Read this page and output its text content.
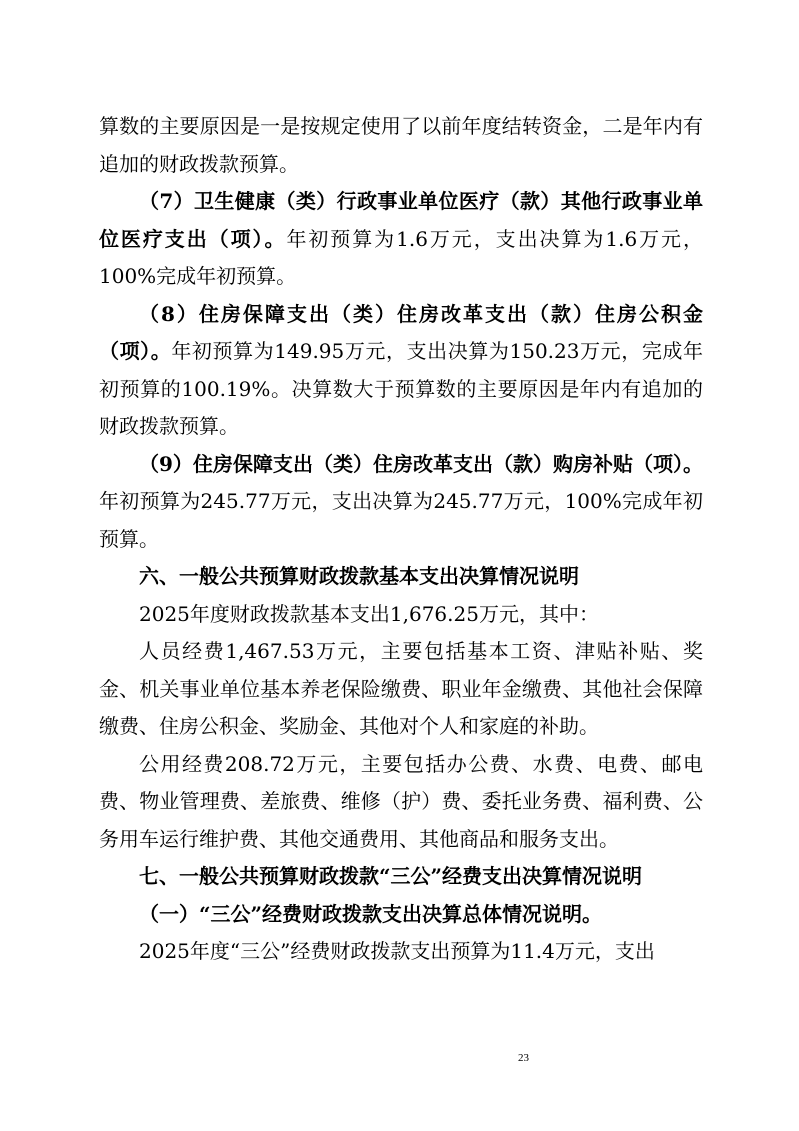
算数的主要原因是一是按规定使用了以前年度结转资金，二是年内有追加的财政拨款预算。

（7）卫生健康（类）行政事业单位医疗（款）其他行政事业单位医疗支出（项）。年初预算为1.6万元，支出决算为1.6万元，100%完成年初预算。

（8）住房保障支出（类）住房改革支出（款）住房公积金（项）。年初预算为149.95万元，支出决算为150.23万元，完成年初预算的100.19%。决算数大于预算数的主要原因是年内有追加的财政拨款预算。

（9）住房保障支出（类）住房改革支出（款）购房补贴（项）。年初预算为245.77万元，支出决算为245.77万元，100%完成年初预算。

六、一般公共预算财政拨款基本支出决算情况说明

2025年度财政拨款基本支出1,676.25万元，其中：

人员经费1,467.53万元，主要包括基本工资、津贴补贴、奖金、机关事业单位基本养老保险缴费、职业年金缴费、其他社会保障缴费、住房公积金、奖励金、其他对个人和家庭的补助。

公用经费208.72万元，主要包括办公费、水费、电费、邮电费、物业管理费、差旅费、维修（护）费、委托业务费、福利费、公务用车运行维护费、其他交通费用、其他商品和服务支出。

七、一般公共预算财政拨款“三公”经费支出决算情况说明

（一）“三公”经费财政拨款支出决算总体情况说明。

2025年度“三公”经费财政拨款支出预算为11.4万元，支出

23
